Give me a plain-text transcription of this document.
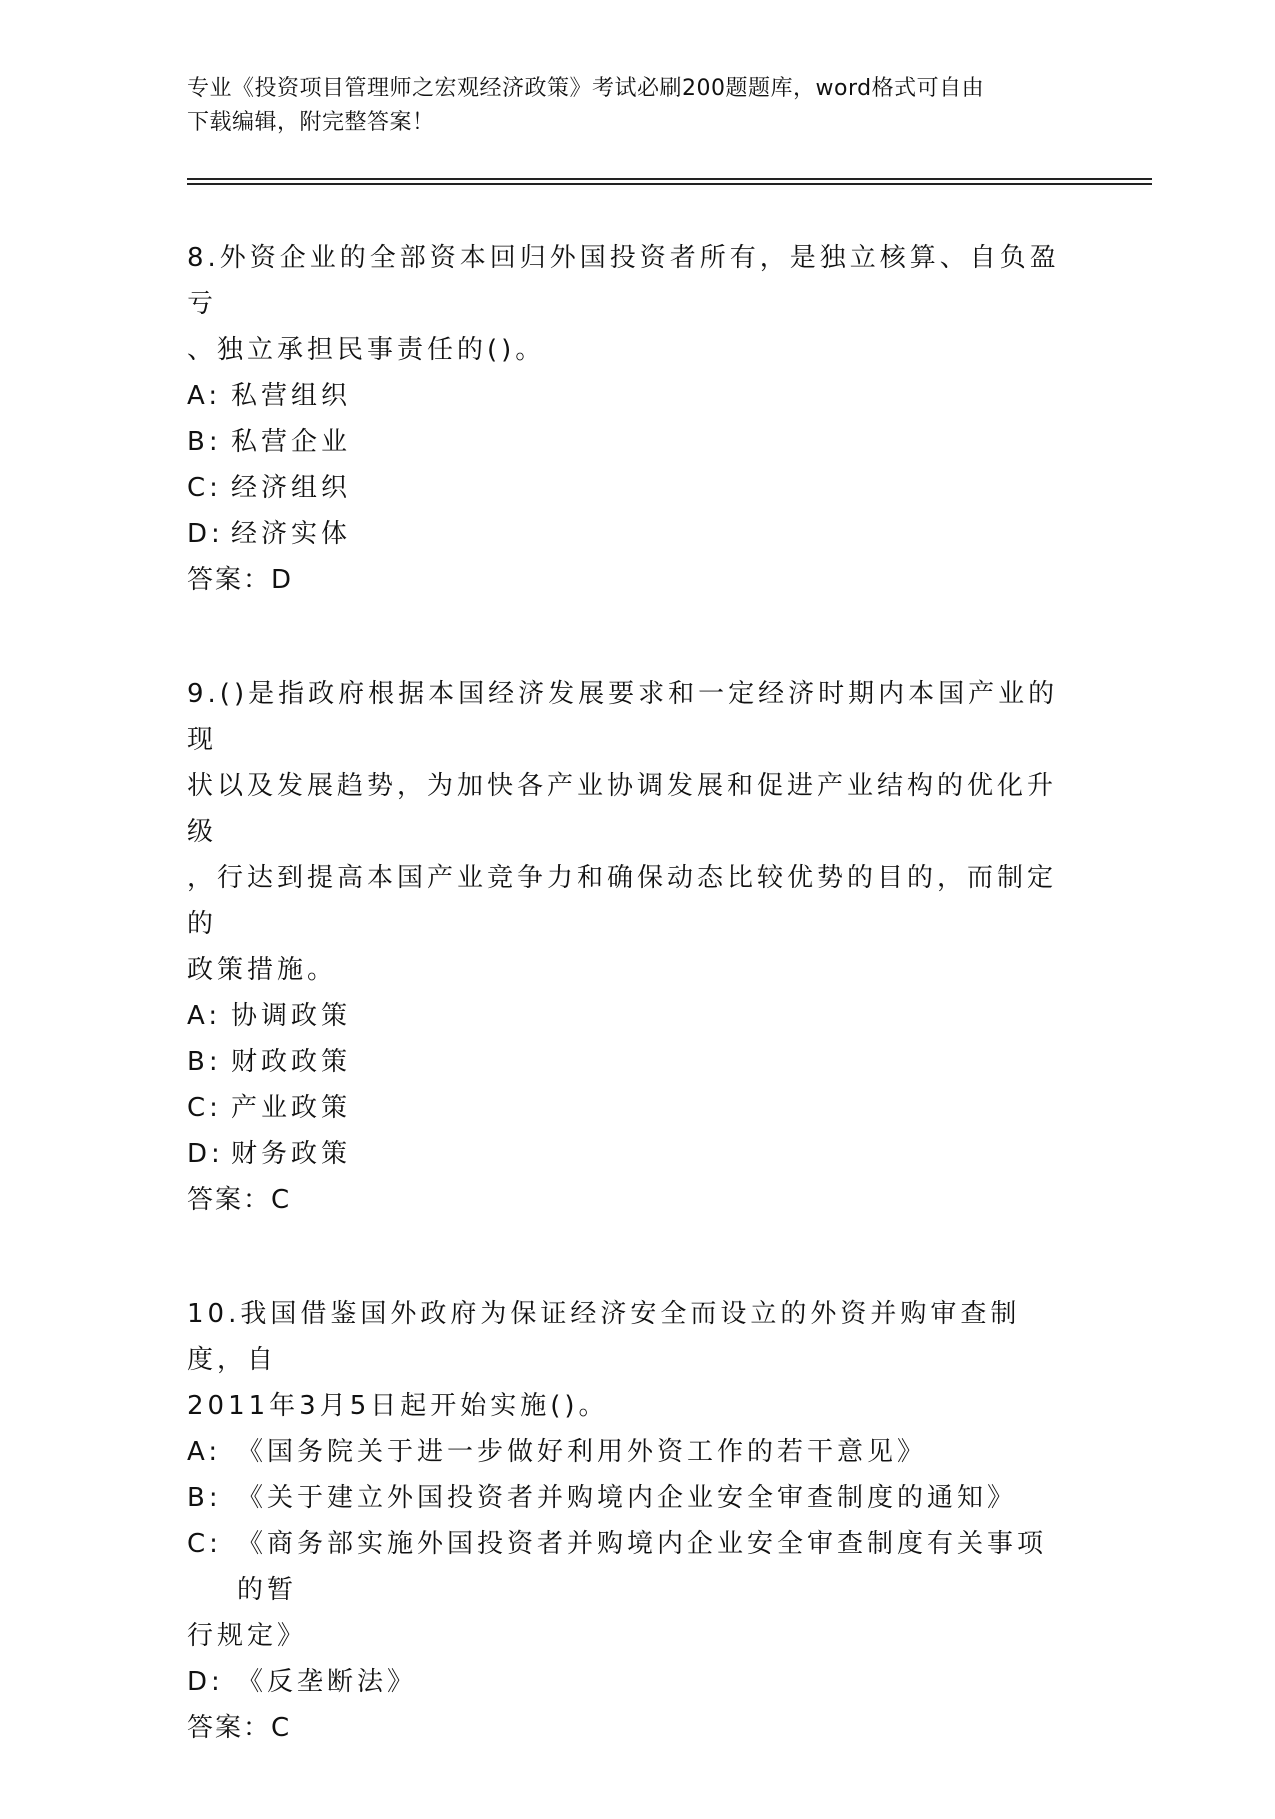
专业《投资项目管理师之宏观经济政策》考试必刷200题题库，word格式可自由
下载编辑，附完整答案！
8.外资企业的全部资本回归外国投资者所有，是独立核算、自负盈亏
、独立承担民事责任的()。
A: 私营组织
B: 私营企业
C: 经济组织
D: 经济实体
答案：D
9.()是指政府根据本国经济发展要求和一定经济时期内本国产业的现
状以及发展趋势，为加快各产业协调发展和促进产业结构的优化升级
，行达到提高本国产业竞争力和确保动态比较优势的目的，而制定的
政策措施。
A: 协调政策
B: 财政政策
C: 产业政策
D: 财务政策
答案：C
10.我国借鉴国外政府为保证经济安全而设立的外资并购审查制度，自
2011年3月5日起开始实施()。
A: 《国务院关于进一步做好利用外资工作的若干意见》
B: 《关于建立外国投资者并购境内企业安全审查制度的通知》
C: 《商务部实施外国投资者并购境内企业安全审查制度有关事项的暂
行规定》
D: 《反垄断法》
答案：C
